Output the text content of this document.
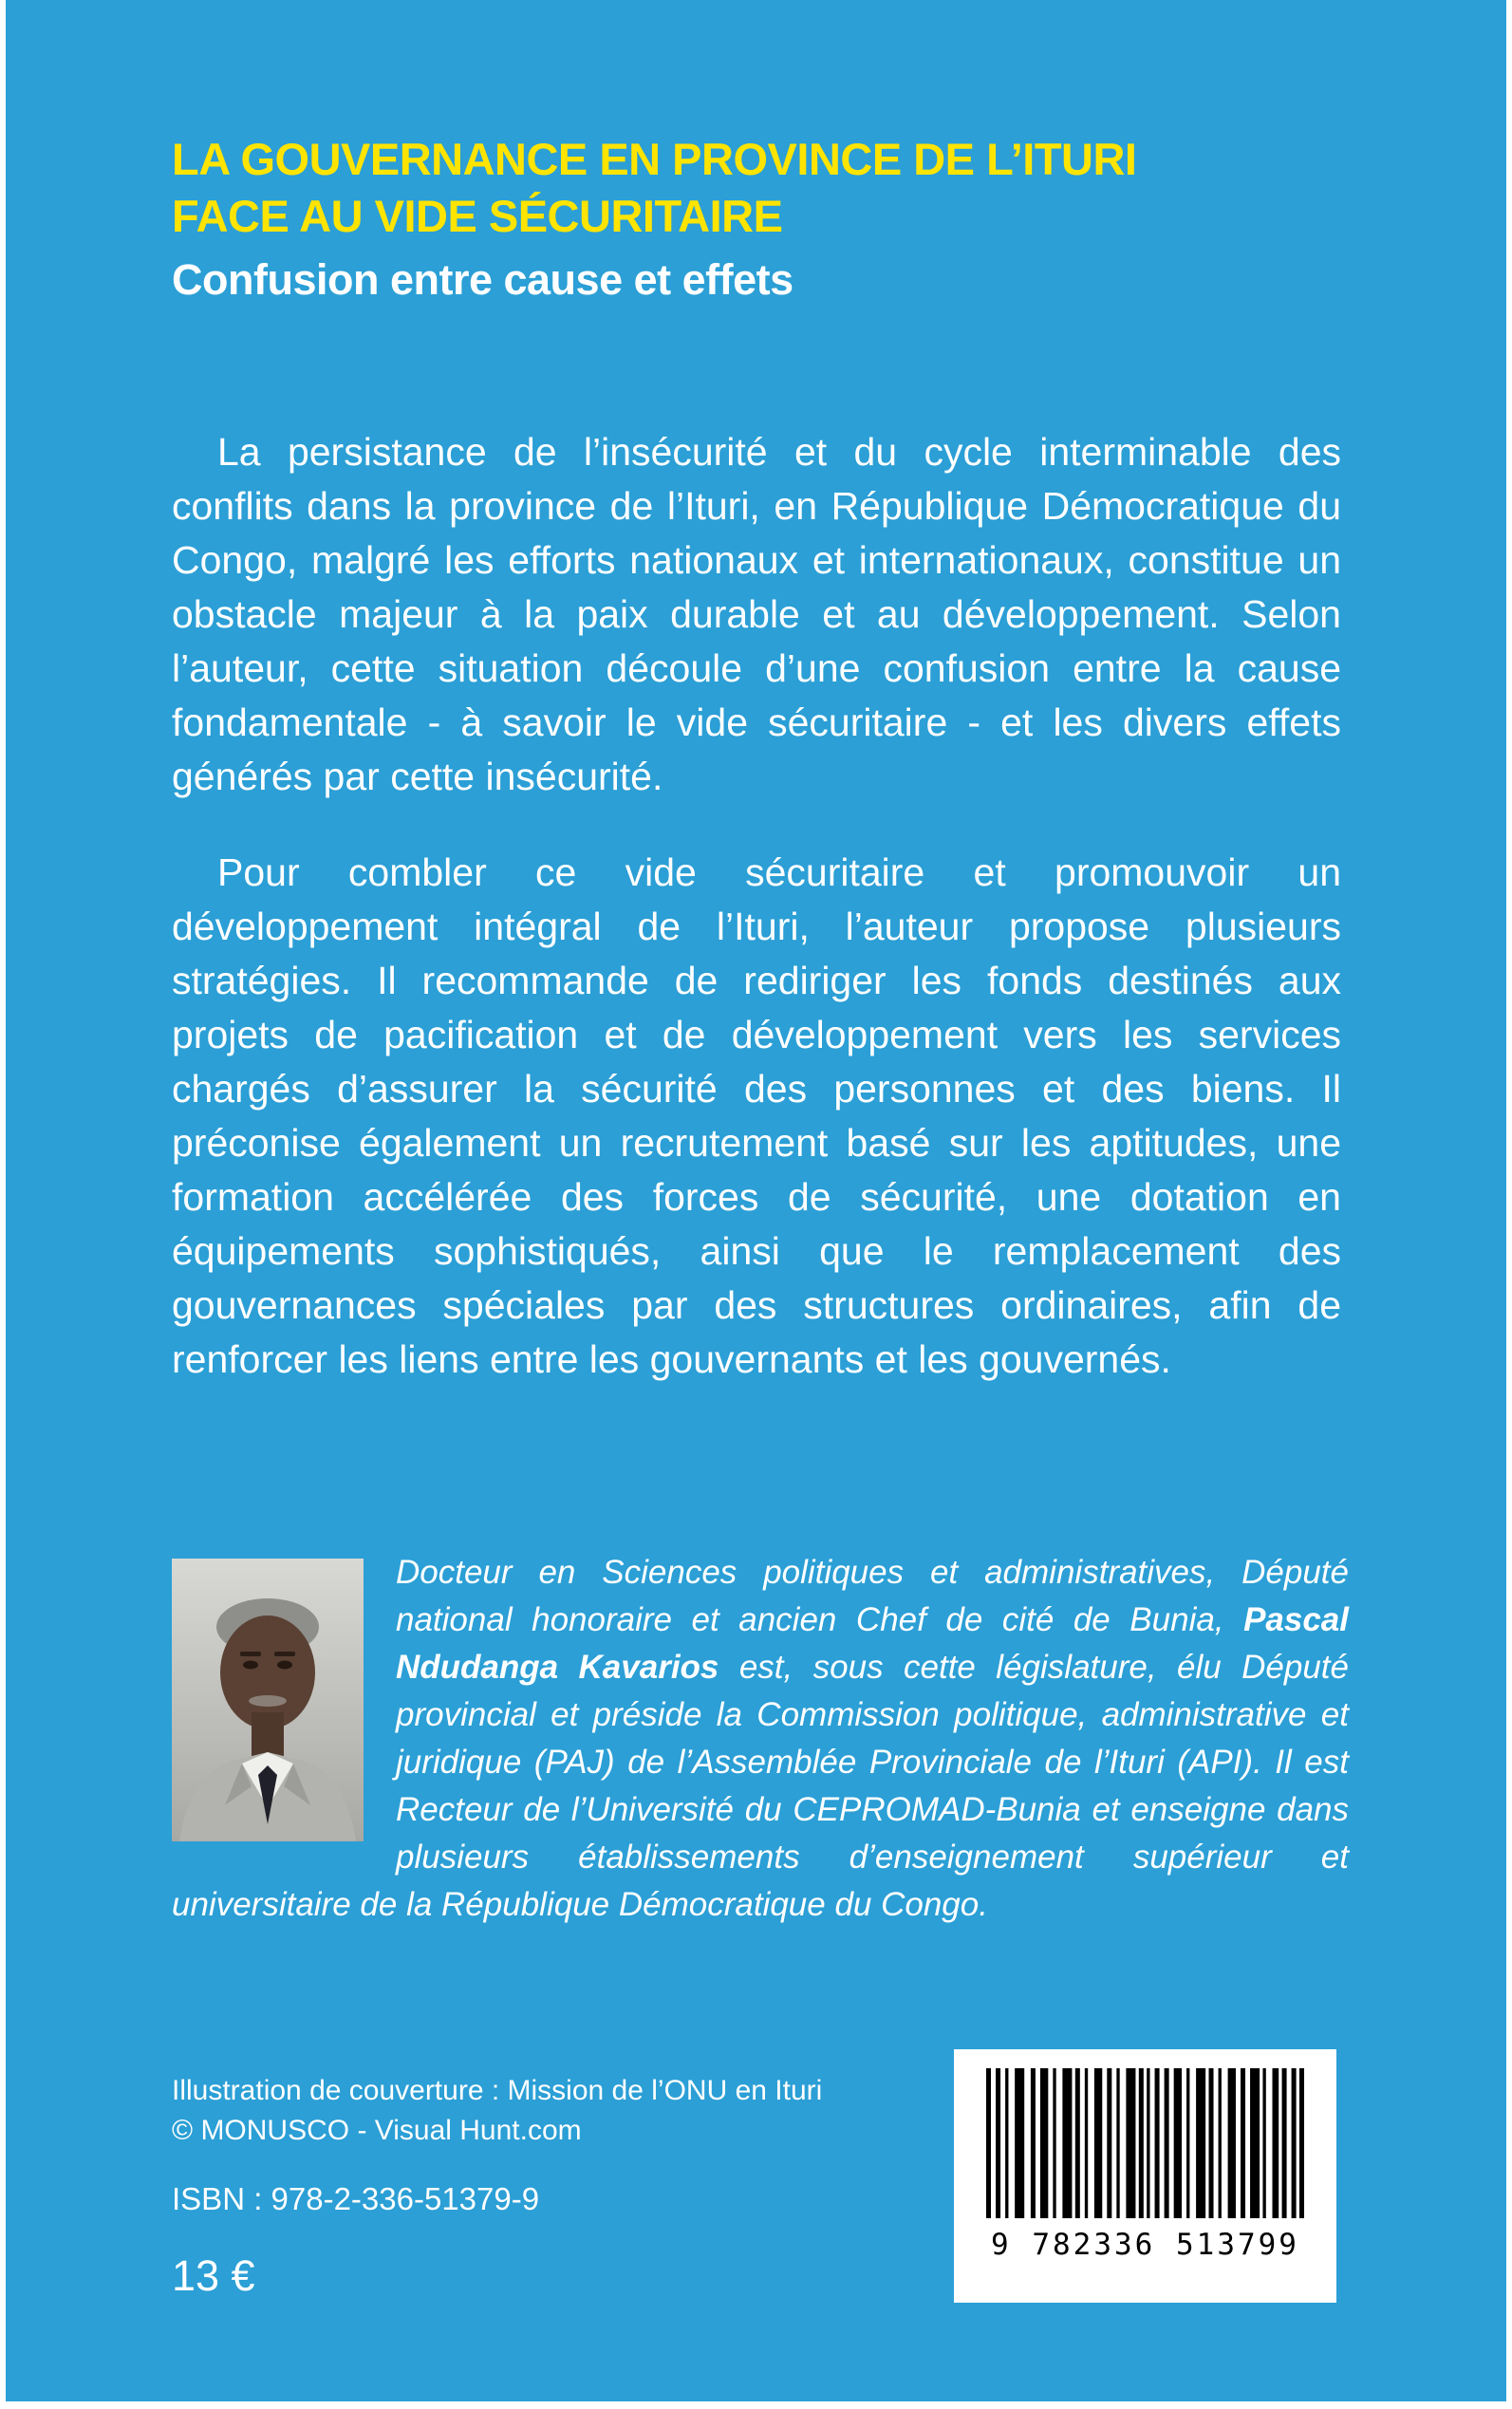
LA GOUVERNANCE EN PROVINCE DE L’ITURI
FACE AU VIDE SÉCURITAIRE
Confusion entre cause et effets

La persistance de l’insécurité et du cycle interminable des conflits dans la province de l’Ituri, en République Démocratique du Congo, malgré les efforts nationaux et internationaux, constitue un obstacle majeur à la paix durable et au développement. Selon l’auteur, cette situation découle d’une confusion entre la cause fondamentale - à savoir le vide sécuritaire - et les divers effets générés par cette insécurité.

Pour combler ce vide sécuritaire et promouvoir un développement intégral de l’Ituri, l’auteur propose plusieurs stratégies. Il recommande de rediriger les fonds destinés aux projets de pacification et de développement vers les services chargés d’assurer la sécurité des personnes et des biens. Il préconise également un recrutement basé sur les aptitudes, une formation accélérée des forces de sécurité, une dotation en équipements sophistiqués, ainsi que le remplacement des gouvernances spéciales par des structures ordinaires, afin de renforcer les liens entre les gouvernants et les gouvernés.

Docteur en Sciences politiques et administratives, Député national honoraire et ancien Chef de cité de Bunia, Pascal Ndudanga Kavarios est, sous cette législature, élu Député provincial et préside la Commission politique, administrative et juridique (PAJ) de l’Assemblée Provinciale de l’Ituri (API). Il est Recteur de l’Université du CEPROMAD-Bunia et enseigne dans plusieurs établissements d’enseignement supérieur et universitaire de la République Démocratique du Congo.
Illustration de couverture : Mission de l’ONU en Ituri
© MONUSCO - Visual Hunt.com
ISBN : 978-2-336-51379-9
13 €
9 782336 513799
